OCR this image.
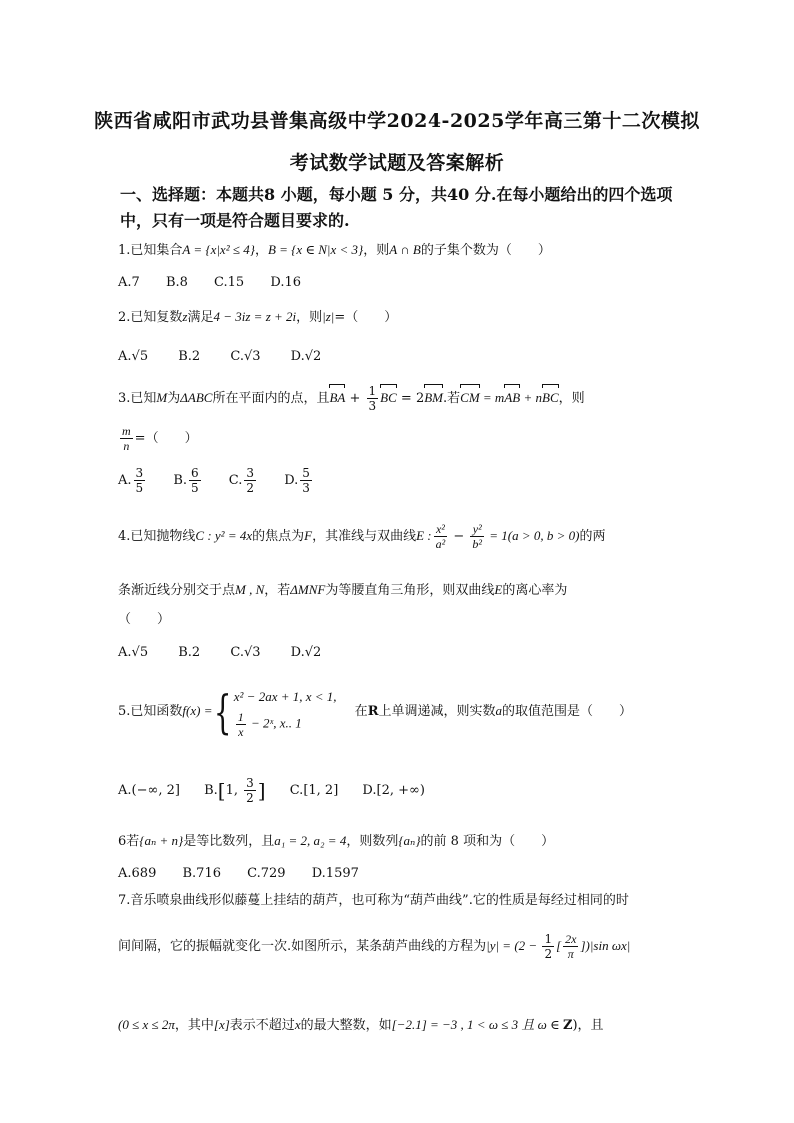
陕西省咸阳市武功县普集高级中学2024-2025学年高三第十二次模拟
考试数学试题及答案解析
一、选择题：本题共8 小题，每小题 5 分，共40 分.在每小题给出的四个选项中，只有一项是符合题目要求的.
1.已知集合A = {x|x² ≤ 4}，B = {x ∈ N|x < 3}，则A ∩ B的子集个数为（　　）
A.7 B.8 C.15 D.16
2.已知复数z满足4 − 3iz = z + 2i，则|z|=（　　）
A.√5 B.2 C.√3 D.√2
3.已知M为ΔABC所在平面内的点，且BA + $\frac{1}{3}$ BC = 2BM.若CM = mAB + nBC，则
$\frac{m}{n}$ =（　　）
A. $\frac{3}{5} B$. $\frac{6}{5} C$. $\frac{3}{2} D$. $\frac{5}{3}$
4.已知抛物线C : y² = 4x的焦点为F，其准线与双曲线E : $\frac{\text{x²}}{\text{a²}} - \frac{\text{y²}}{\text{b²}} = 1(a > 0$, b > 0)的两
条渐近线分别交于点M , N，若ΔMNF为等腰直角三角形，则双曲线E的离心率为
（　　）
A.√5 B.2 C.√3 D.√2
5.已知函数f(x) ={ x² − 2ax + 1, x < 1,
$\frac{1}{x}$ − 2ˣ, x.. 1
在R上单调递减，则实数a的取值范围是（　　）
A.(−∞, 2] B.[1, $\frac{3}{2}$ ] C.[1, 2] D.[2, +∞)
6若{aₙ + n}是等比数列，且a₁ = 2, a₂ = 4，则数列{aₙ}的前 8 项和为（　　）
A.689 B.716 C.729 D.1597
7.音乐喷泉曲线形似藤蔓上挂结的葫芦，也可称为“葫芦曲线”.它的性质是每经过相同的时
间间隔，它的振幅就变化一次.如图所示，某条葫芦曲线的方程为$|y| = (2 - \frac{1}{2}$ [ $\frac{2x}{\pi} ])|\sin$ ωx|
(0 ≤ x ≤ 2π，其中[x]表示不超过x的最大整数，如[−2.1] = −3 , 1 < ω ≤ 3 且 ω ∈ Z)，且
